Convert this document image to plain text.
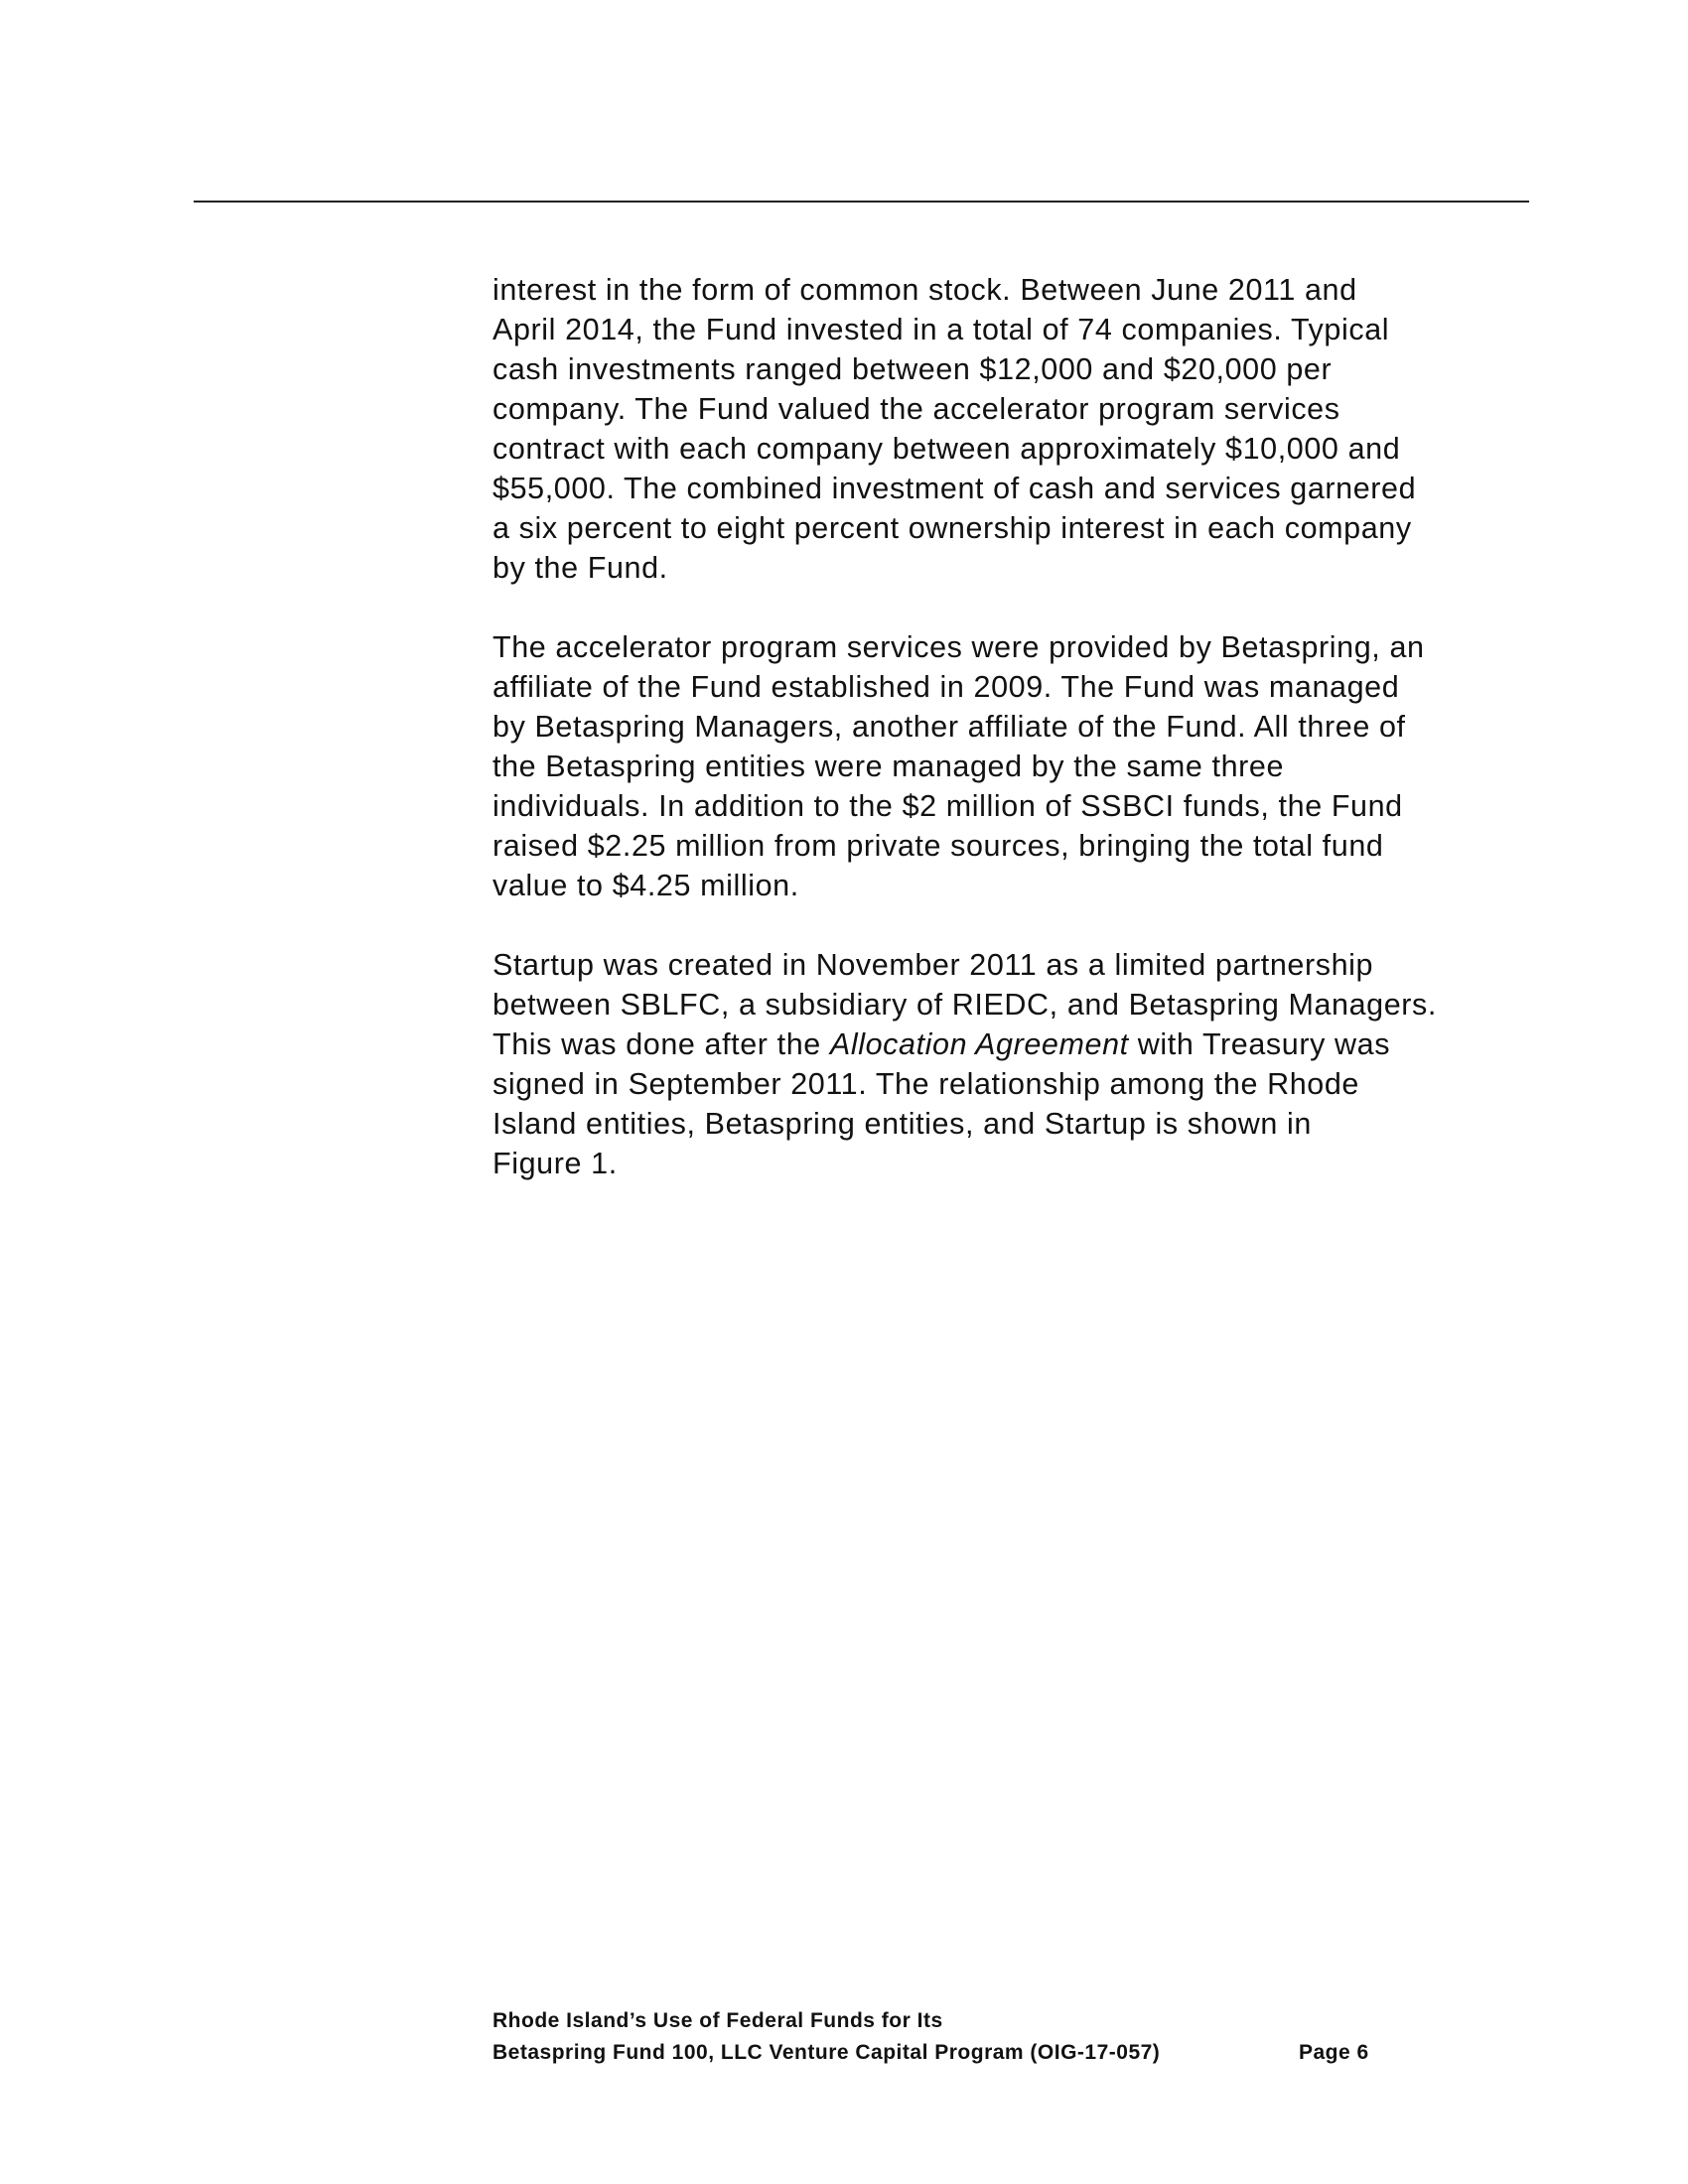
interest in the form of common stock. Between June 2011 and
April 2014, the Fund invested in a total of 74 companies. Typical
cash investments ranged between $12,000 and $20,000 per
company. The Fund valued the accelerator program services
contract with each company between approximately $10,000 and
$55,000. The combined investment of cash and services garnered
a six percent to eight percent ownership interest in each company
by the Fund.

The accelerator program services were provided by Betaspring, an
affiliate of the Fund established in 2009. The Fund was managed
by Betaspring Managers, another affiliate of the Fund. All three of
the Betaspring entities were managed by the same three
individuals. In addition to the $2 million of SSBCI funds, the Fund
raised $2.25 million from private sources, bringing the total fund
value to $4.25 million.

Startup was created in November 2011 as a limited partnership
between SBLFC, a subsidiary of RIEDC, and Betaspring Managers.
This was done after the Allocation Agreement with Treasury was
signed in September 2011. The relationship among the Rhode
Island entities, Betaspring entities, and Startup is shown in
Figure 1.

Rhode Island’s Use of Federal Funds for Its
Betaspring Fund 100, LLC Venture Capital Program (OIG-17-057)	Page 6
